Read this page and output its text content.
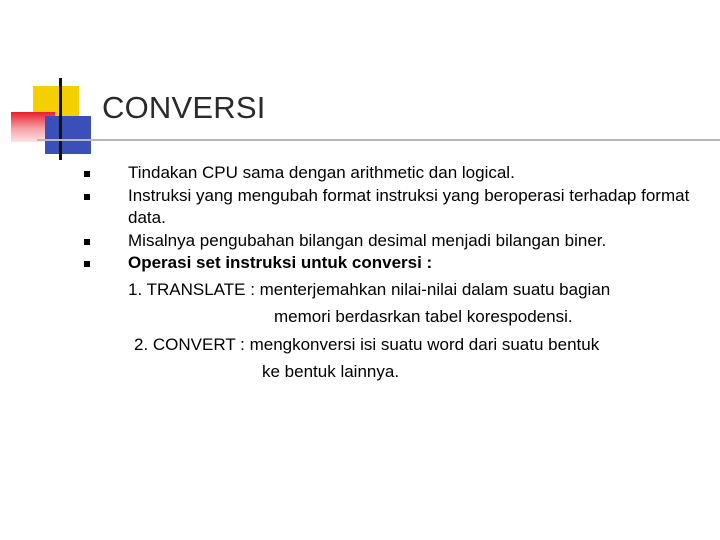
CONVERSI
Tindakan CPU sama dengan arithmetic dan logical.
Instruksi yang mengubah format instruksi yang beroperasi terhadap format data.
Misalnya pengubahan bilangan desimal menjadi bilangan biner.
Operasi set instruksi untuk conversi :
1. TRANSLATE : menterjemahkan nilai-nilai dalam suatu bagian
memori berdasrkan tabel korespodensi.
2. CONVERT : mengkonversi isi suatu word dari suatu bentuk
ke bentuk lainnya.
